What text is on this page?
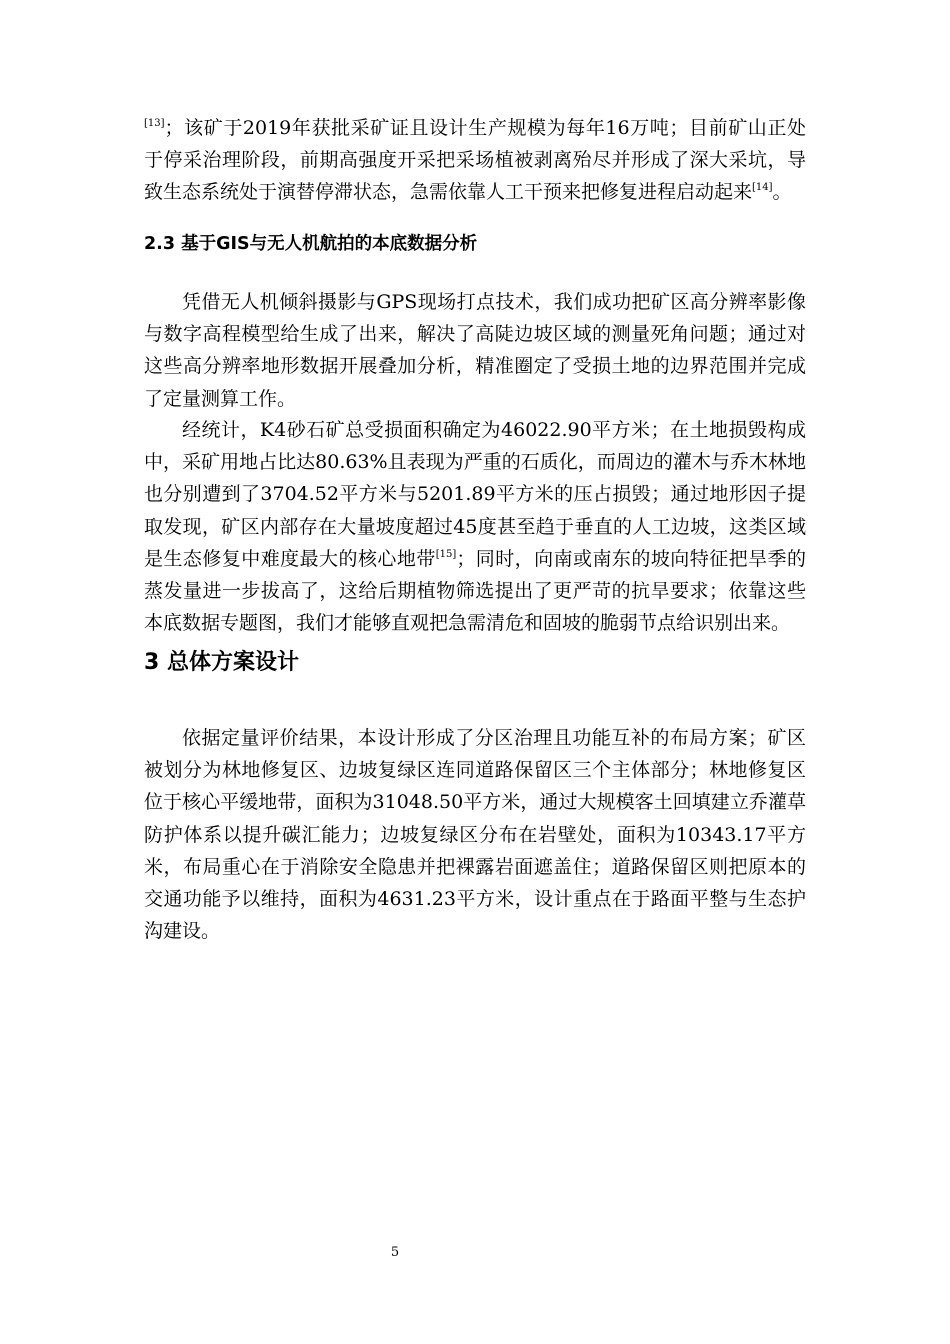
[13]；该矿于2019年获批采矿证且设计生产规模为每年16万吨；目前矿山正处于停采治理阶段，前期高强度开采把采场植被剥离殆尽并形成了深大采坑，导致生态系统处于演替停滞状态，急需依靠人工干预来把修复进程启动起来[14]。

2.3 基于GIS与无人机航拍的本底数据分析

凭借无人机倾斜摄影与GPS现场打点技术，我们成功把矿区高分辨率影像与数字高程模型给生成了出来，解决了高陡边坡区域的测量死角问题；通过对这些高分辨率地形数据开展叠加分析，精准圈定了受损土地的边界范围并完成了定量测算工作。

经统计，K4砂石矿总受损面积确定为46022.90平方米；在土地损毁构成中，采矿用地占比达80.63%且表现为严重的石质化，而周边的灌木与乔木林地也分别遭到了3704.52平方米与5201.89平方米的压占损毁；通过地形因子提取发现，矿区内部存在大量坡度超过45度甚至趋于垂直的人工边坡，这类区域是生态修复中难度最大的核心地带[15]；同时，向南或南东的坡向特征把旱季的蒸发量进一步拔高了，这给后期植物筛选提出了更严苛的抗旱要求；依靠这些本底数据专题图，我们才能够直观把急需清危和固坡的脆弱节点给识别出来。

3 总体方案设计

依据定量评价结果，本设计形成了分区治理且功能互补的布局方案；矿区被划分为林地修复区、边坡复绿区连同道路保留区三个主体部分；林地修复区位于核心平缓地带，面积为31048.50平方米，通过大规模客土回填建立乔灌草防护体系以提升碳汇能力；边坡复绿区分布在岩壁处，面积为10343.17平方米，布局重心在于消除安全隐患并把裸露岩面遮盖住；道路保留区则把原本的交通功能予以维持，面积为4631.23平方米，设计重点在于路面平整与生态护沟建设。

5
